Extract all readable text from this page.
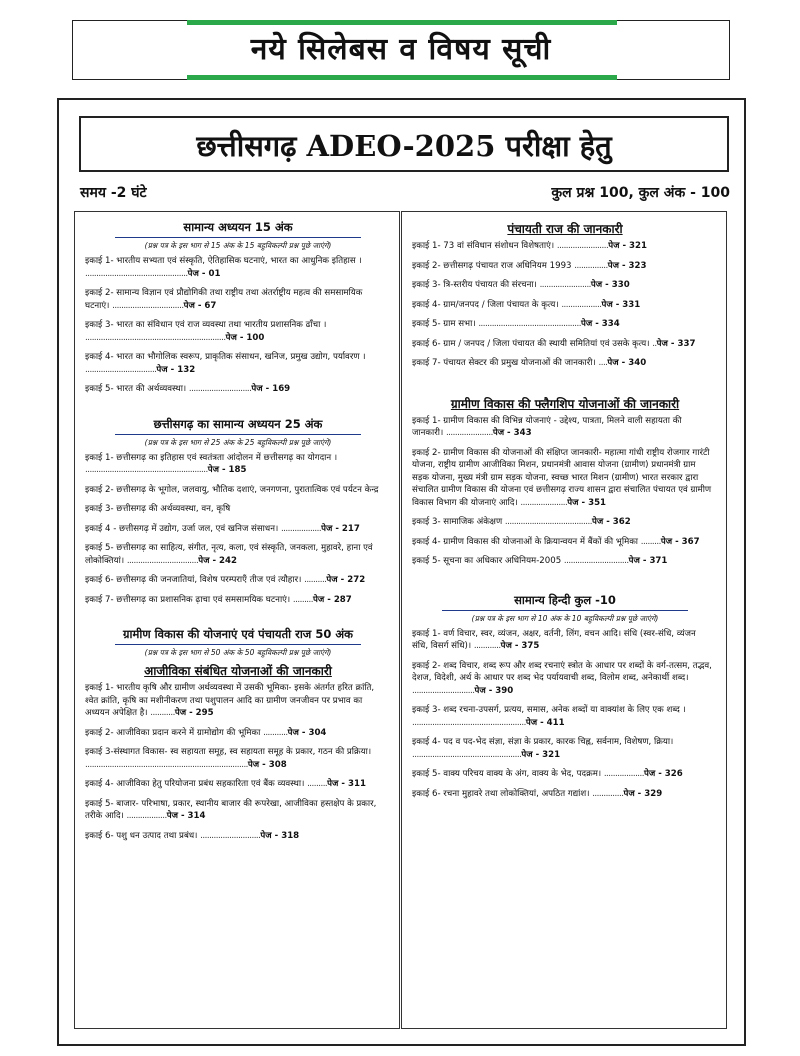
नये सिलेबस व विषय सूची
छत्तीसगढ़ ADEO-2025 परीक्षा हेतु
समय -2 घंटे	कुल प्रश्न 100, कुल अंक - 100
सामान्य अध्ययन 15 अंक
(प्रश्न पत्र के इस भाग से 15 अंक के 15 बहुविकल्पी प्रश्न पूछे जाएंगे)
इकाई 1- भारतीय सभ्यता एवं संस्कृति, ऐतिहासिक घटनाएं, भारत का आधुनिक इतिहास । ..............................................पेज - 01
इकाई 2- सामान्य विज्ञान एवं प्रौद्योगिकी तथा राष्ट्रीय तथा अंतर्राष्ट्रीय महत्व की समसामयिक घटनाएं। ................................पेज - 67
इकाई 3- भारत का संविधान एवं राज व्यवस्था तथा भारतीय प्रशासनिक ढाँचा ।
...............................................................पेज - 100
इकाई 4- भारत का भौगोलिक स्वरूप, प्राकृतिक संसाधन, खनिज, प्रमुख उद्योग, पर्यावरण । ................................पेज - 132
इकाई 5- भारत की अर्थव्यवस्था। ............................पेज - 169
छत्तीसगढ़ का सामान्य अध्ययन 25 अंक
(प्रश्न पत्र के इस भाग से 25 अंक के 25 बहुविकल्पी प्रश्न पूछे जाएंगे)
इकाई 1- छत्तीसगढ़ का इतिहास एवं स्वतंत्रता आंदोलन में छत्तीसगढ़ का योगदान ।
.......................................................पेज - 185
इकाई 2- छत्तीसगढ़ के भूगोल, जलवायु, भौतिक दशाएं, जनगणना, पुरातात्विक एवं पर्यटन केन्द्र
इकाई 3- छत्तीसगढ़ की अर्थव्यवस्था, वन, कृषि
इकाई 4 - छत्तीसगढ़ में उद्योग, उर्जा जल, एवं खनिज संसाधन। ..................पेज - 217
इकाई 5- छत्तीसगढ़ का साहित्य, संगीत, नृत्य, कला, एवं संस्कृति, जनकला, मुहावरे, हाना एवं लोकोक्तियां। ................................पेज - 242
इकाई 6- छत्तीसगढ़ की जनजातियां, विशेष परम्पराएँ तीज एवं त्यौहार। ..........पेज - 272
इकाई 7- छत्तीसगढ़ का प्रशासनिक ढ़ाचा एवं समसामयिक घटनाएं। .........पेज - 287
ग्रामीण विकास की योजनाएं एवं पंचायती राज 50 अंक
(प्रश्न पत्र के इस भाग से 50 अंक के 50 बहुविकल्पी प्रश्न पूछे जाएंगे)
आजीविका संबंधित योजनाओं की जानकारी
इकाई 1- भारतीय कृषि और ग्रामीण अर्थव्यवस्था में उसकी भूमिका- इसके अंतर्गत हरित क्रांति, श्वेत क्रांति, कृषि का मशीनीकरण तथा पशुपालन आदि का ग्रामीण जनजीवन पर प्रभाव का अध्ययन अपेक्षित है। ...........पेज - 295
इकाई 2- आजीविका प्रदान करने में ग्रामोद्योग की भूमिका ...........पेज - 304
इकाई 3-संस्थागत विकास- स्व सहायता समूह, स्व सहायता समूह के प्रकार, गठन की प्रक्रिया।
.........................................................................पेज - 308
इकाई 4- आजीविका हेतु परियोजना प्रबंध सहकारिता एवं बैंक व्यवस्था। .........पेज - 311
इकाई 5- बाजार- परिभाषा, प्रकार, स्थानीय बाजार की रूपरेखा, आजीविका हस्तक्षेप के प्रकार, तरीके आदि। ..................पेज - 314
इकाई 6- पशु धन उत्पाद तथा प्रबंध। ...........................पेज - 318
पंचायती राज की जानकारी
इकाई 1- 73 वां संविधान संशोधन विशेषताएं। .......................पेज - 321
इकाई 2- छत्तीसगढ़ पंचायत राज अधिनियम 1993 ...............पेज - 323
इकाई 3- त्रि-स्तरीय पंचायत की संरचना। .......................पेज - 330
इकाई 4- ग्राम/जनपद / जिला पंचायत के कृत्य। ..................पेज - 331
इकाई 5- ग्राम सभा। ..............................................पेज - 334
इकाई 6- ग्राम / जनपद / जिला पंचायत की स्थायी समितियां एवं उसके कृत्य। ..पेज - 337
इकाई 7- पंचायत सेक्टर की प्रमुख योजनाओं की जानकारी। ....पेज - 340
ग्रामीण विकास की फ्लैगशिप योजनाओं की जानकारी
इकाई 1- ग्रामीण विकास की विभिन्न योजनाएं - उद्देश्य, पात्रता, मिलने वाली सहायता की जानकारी। .....................पेज - 343
इकाई 2- ग्रामीण विकास की योजनाओं की संक्षिप्त जानकारी- महात्मा गांधी राष्ट्रीय रोजगार गारंटी योजना, राष्ट्रीय ग्रामीण आजीविका मिशन, प्रधानमंत्री आवास योजना (ग्रामीण) प्रधानमंत्री ग्राम सड़क योजना, मुख्य मंत्री ग्राम सड़क योजना, स्वच्छ भारत मिशन (ग्रामीण) भारत सरकार द्वारा संचालित ग्रामीण विकास की योजना एवं छत्तीसगढ़ राज्य शासन द्वारा संचालित पंचायत एवं ग्रामीण विकास विभाग की योजनाएं आदि। .....................पेज - 351
इकाई 3- सामाजिक अंकेक्षण .......................................पेज - 362
इकाई 4- ग्रामीण विकास की योजनाओं के क्रियान्वयन में बैंकों की भूमिका .........पेज - 367
इकाई 5- सूचना का अधिकार अधिनियम-2005 .............................पेज - 371
सामान्य हिन्दी कुल -10
(प्रश्न पत्र के इस भाग से 10 अंक के 10 बहुविकल्पी प्रश्न पूछे जाएंगे)
इकाई 1- वर्ण विचार, स्वर, व्यंजन, अक्षर, वर्तनी, लिंग, वचन आदि। संधि (स्वर-संधि, व्यंजन संधि, विसर्ग संधि)। ............पेज - 375
इकाई 2- शब्द विचार, शब्द रूप और शब्द रचनाएं स्त्रोत के आधार पर शब्दों के वर्ग-तत्सम, तद्भव, देशज, विदेशी, अर्थ के आधार पर शब्द भेद पर्यायवाची शब्द, विलोम शब्द, अनेकार्थी शब्द। ............................पेज - 390
इकाई 3- शब्द रचना-उपसर्ग, प्रत्यय, समास, अनेक शब्दों या वाक्यांश के लिए एक शब्द । ...................................................पेज - 411
इकाई 4- पद व पद-भेद संज्ञा, संज्ञा के प्रकार, कारक चिह्न, सर्वनाम, विशेषण, क्रिया। .................................................पेज - 321
इकाई 5- वाक्य परिचय वाक्य के अंग, वाक्य के भेद, पदक्रम। ..................पेज - 326
इकाई 6- रचना मुहावरे तथा लोकोक्तियां, अपठित गद्यांश। ..............पेज - 329
